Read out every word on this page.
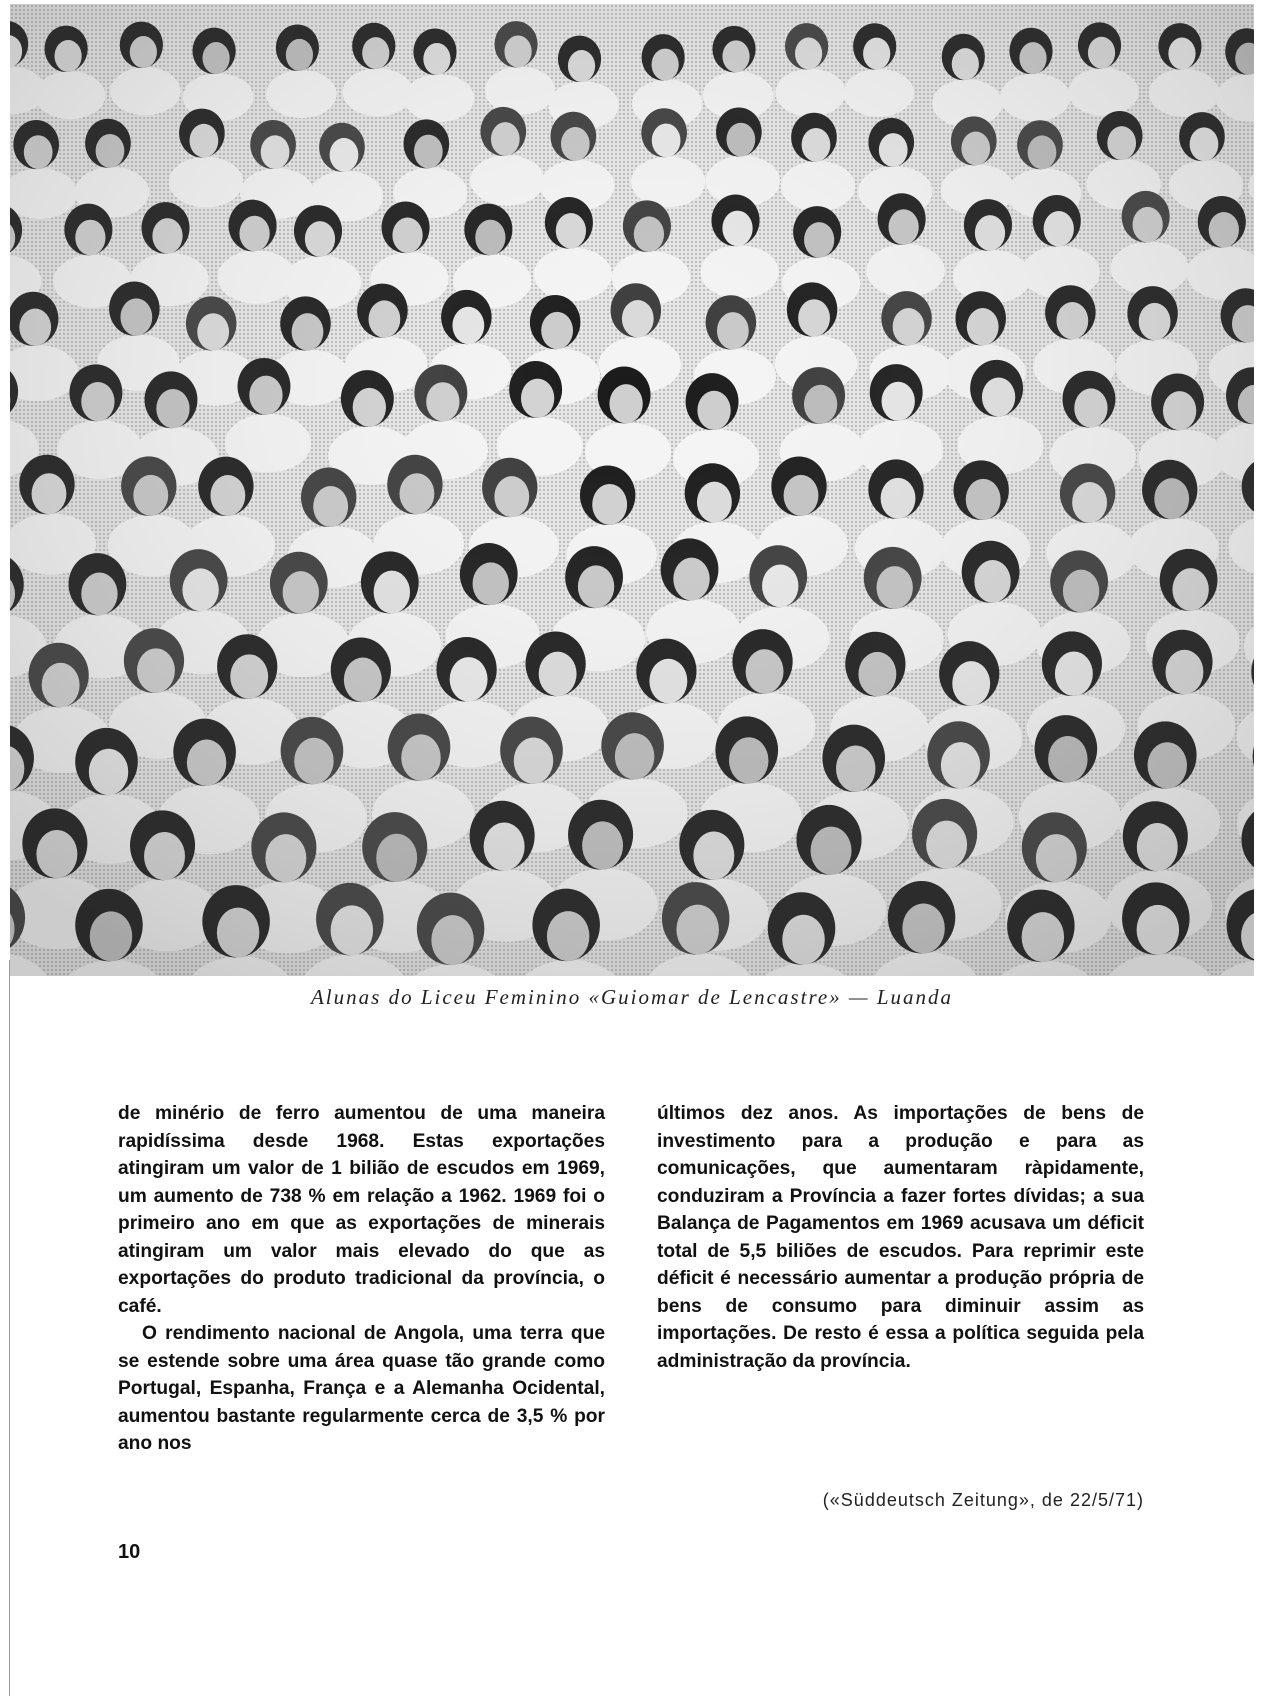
Alunas do Liceu Feminino «Guiomar de Lencastre» — Luanda

de minério de ferro aumentou de uma maneira rapidíssima desde 1968. Estas exportações atingiram um valor de 1 bilião de escudos em 1969, um aumento de 738 % em relação a 1962. 1969 foi o primeiro ano em que as exportações de minerais atingiram um valor mais elevado do que as exportações do produto tradicional da província, o café.

O rendimento nacional de Angola, uma terra que se estende sobre uma área quase tão grande como Portugal, Espanha, França e a Alemanha Ocidental, aumentou bastante regularmente cerca de 3,5 % por ano nos

últimos dez anos. As importações de bens de investimento para a produção e para as comunicações, que aumentaram ràpidamente, conduziram a Província a fazer fortes dívidas; a sua Balança de Pagamentos em 1969 acusava um déficit total de 5,5 biliões de escudos. Para reprimir este déficit é necessário aumentar a produção própria de bens de consumo para diminuir assim as importações. De resto é essa a política seguida pela administração da província.

(«Süddeutsch Zeitung», de 22/5/71)
10
